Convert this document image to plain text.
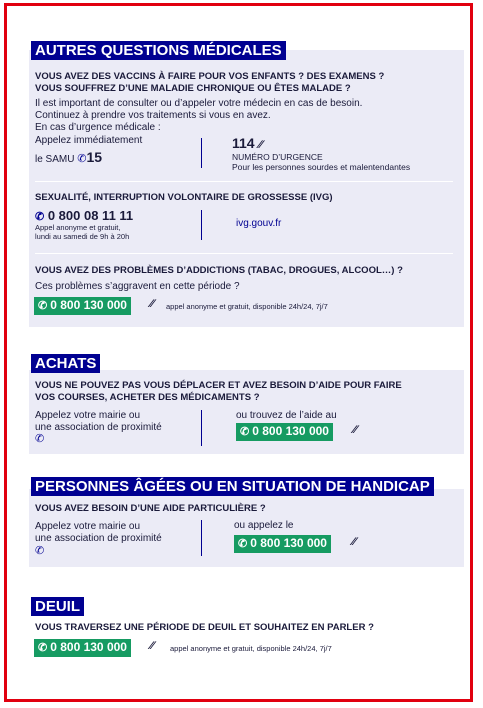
AUTRES QUESTIONS MÉDICALES
VOUS AVEZ DES VACCINS À FAIRE POUR VOS ENFANTS ? DES EXAMENS ?
VOUS SOUFFREZ D’UNE MALADIE CHRONIQUE OU ÊTES MALADE ?
Il est important de consulter ou d’appeler votre médecin en cas de besoin.
Continuez à prendre vos traitements si vous en avez.
En cas d’urgence médicale :
Appelez immédiatement
le SAMU ✆15
114 ∕∕
NUMÉRO D’URGENCE
Pour les personnes sourdes et malentendantes
SEXUALITÉ, INTERRUPTION VOLONTAIRE DE GROSSESSE (IVG)
✆ 0 800 08 11 11
Appel anonyme et gratuit,
lundi au samedi de 9h à 20h
ivg.gouv.fr
VOUS AVEZ DES PROBLÈMES D’ADDICTIONS (TABAC, DROGUES, ALCOOL…) ?
Ces problèmes s’aggravent en cette période ?
✆ 0 800 130 000	∕∕ appel anonyme et gratuit, disponible 24h/24, 7j/7
ACHATS
VOUS NE POUVEZ PAS VOUS DÉPLACER ET AVEZ BESOIN D’AIDE POUR FAIRE
VOS COURSES, ACHETER DES MÉDICAMENTS ?
Appelez votre mairie ou
une association de proximité
✆
ou trouvez de l’aide au
✆ 0 800 130 000	∕∕
PERSONNES ÂGÉES OU EN SITUATION DE HANDICAP
VOUS AVEZ BESOIN D’UNE AIDE PARTICULIÈRE ?
Appelez votre mairie ou
une association de proximité
✆
ou appelez le
✆ 0 800 130 000	∕∕
DEUIL
VOUS TRAVERSEZ UNE PÉRIODE DE DEUIL ET SOUHAITEZ EN PARLER ?
✆ 0 800 130 000	∕∕ appel anonyme et gratuit, disponible 24h/24, 7j/7
